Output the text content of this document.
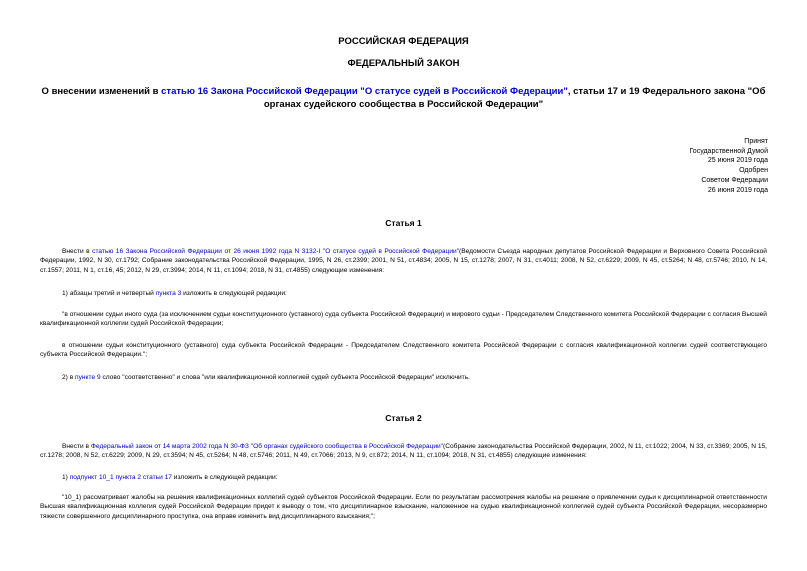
РОССИЙСКАЯ ФЕДЕРАЦИЯ
ФЕДЕРАЛЬНЫЙ ЗАКОН
О внесении изменений в статью 16 Закона Российской Федерации "О статусе судей в Российской Федерации", статьи 17 и 19 Федерального закона "Об органах судейского сообщества в Российской Федерации"
Принят
Государственной Думой
25 июня 2019 года
Одобрен
Советом Федерации
26 июня 2019 года
Статья 1
Внести в статью 16 Закона Российской Федерации от 26 июня 1992 года N 3132-I "О статусе судей в Российской Федерации"(Ведомости Съезда народных депутатов Российской Федерации и Верховного Совета Российской Федерации, 1992, N 30, ст.1792; Собрание законодательства Российской Федерации, 1995, N 26, ст.2399; 2001, N 51, ст.4834; 2005, N 15, ст.1278; 2007, N 31, ст.4011; 2008, N 52, ст.6229; 2009, N 45, ст.5264; N 48, ст.5746; 2010, N 14, ст.1557; 2011, N 1, ст.16, 45; 2012, N 29, ст.3994; 2014, N 11, ст.1094; 2018, N 31, ст.4855) следующие изменения:
1) абзацы третий и четвертый пункта 3 изложить в следующей редакции:
"в отношении судьи иного суда (за исключением судьи конституционного (уставного) суда субъекта Российской Федерации) и мирового судьи - Председателем Следственного комитета Российской Федерации с согласия Высшей квалификационной коллегии судей Российской Федерации;
в отношении судьи конституционного (уставного) суда субъекта Российской Федерации - Председателем Следственного комитета Российской Федерации с согласия квалификационной коллегии судей соответствующего субъекта Российской Федерации.";
2) в пункте 9 слово "соответственно" и слова "или квалификационной коллегией судей субъекта Российской Федерации" исключить.
Статья 2
Внести в Федеральный закон от 14 марта 2002 года N 30-ФЗ "Об органах судейского сообщества в Российской Федерации"(Собрание законодательства Российской Федерации, 2002, N 11, ст.1022; 2004, N 33, ст.3369; 2005, N 15, ст.1278; 2008, N 52, ст.6229; 2009, N 29, ст.3594; N 45, ст.5264; N 48, ст.5746; 2011, N 49, ст.7066; 2013, N 9, ст.872; 2014, N 11, ст.1094; 2018, N 31, ст.4855) следующие изменения:
1) подпункт 10_1 пункта 2 статьи 17 изложить в следующей редакции:
"10_1) рассматривает жалобы на решения квалификационных коллегий судей субъектов Российской Федерации. Если по результатам рассмотрения жалобы на решение о привлечении судьи к дисциплинарной ответственности Высшая квалификационная коллегия судей Российской Федерации придет к выводу о том, что дисциплинарное взыскание, наложенное на судью квалификационной коллегией судей субъекта Российской Федерации, несоразмерно тяжести совершенного дисциплинарного проступка, она вправе изменить вид дисциплинарного взыскания;";
